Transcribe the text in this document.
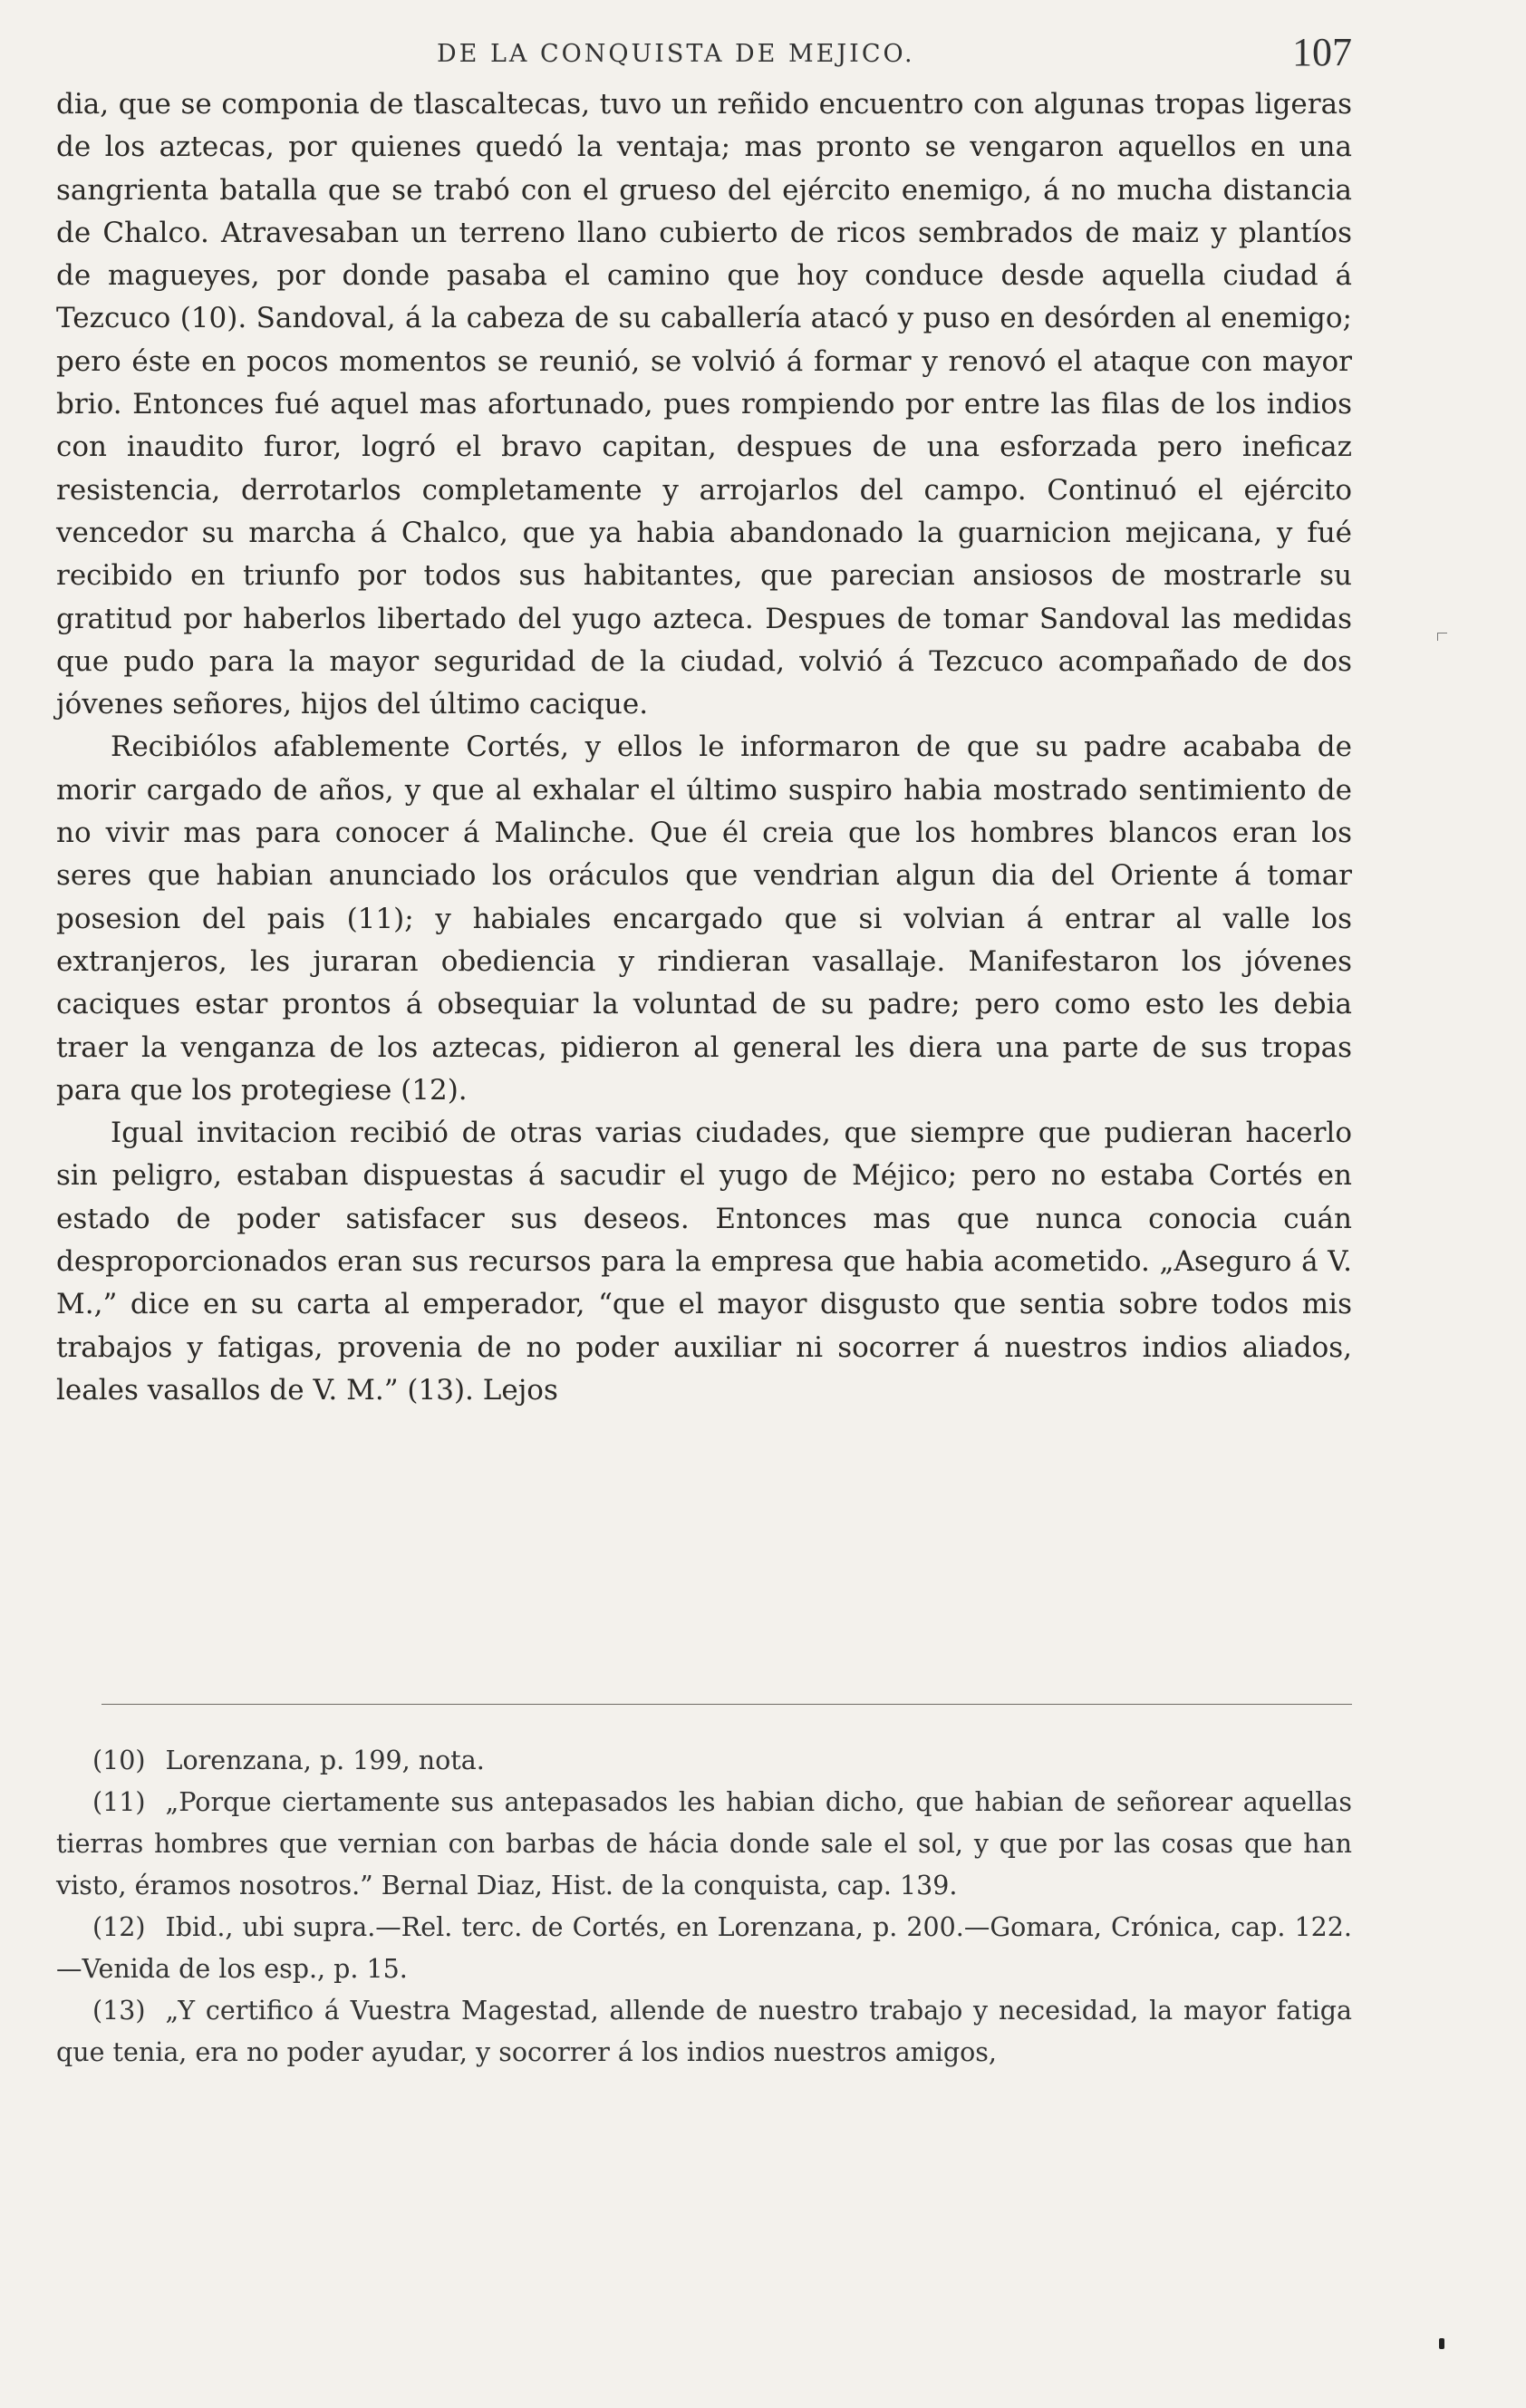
DE LA CONQUISTA DE MEJICO.	107

dia, que se componia de tlascaltecas, tuvo un reñido encuentro con algunas tropas ligeras de los aztecas, por quienes quedó la ventaja; mas pronto se vengaron aquellos en una sangrienta batalla que se trabó con el grueso del ejército enemigo, á no mucha distancia de Chalco. Atravesaban un terreno llano cubierto de ricos sembrados de maiz y plantíos de magueyes, por donde pasaba el camino que hoy conduce desde aquella ciudad á Tezcuco (10). Sandoval, á la cabeza de su caballería atacó y puso en desórden al enemigo; pero éste en pocos momentos se reunió, se volvió á formar y renovó el ataque con mayor brio. Entonces fué aquel mas afortunado, pues rompiendo por entre las filas de los indios con inaudito furor, logró el bravo capitan, despues de una esforzada pero ineficaz resistencia, derrotarlos completamente y arrojarlos del campo. Continuó el ejército vencedor su marcha á Chalco, que ya habia abandonado la guarnicion mejicana, y fué recibido en triunfo por todos sus habitantes, que parecian ansiosos de mostrarle su gratitud por haberlos libertado del yugo azteca. Despues de tomar Sandoval las medidas que pudo para la mayor seguridad de la ciudad, volvió á Tezcuco acompañado de dos jóvenes señores, hijos del último cacique.

Recibiólos afablemente Cortés, y ellos le informaron de que su padre acababa de morir cargado de años, y que al exhalar el último suspiro habia mostrado sentimiento de no vivir mas para conocer á Malinche. Que él creia que los hombres blancos eran los seres que habian anunciado los oráculos que vendrian algun dia del Oriente á tomar posesion del pais (11); y habiales encargado que si volvian á entrar al valle los extranjeros, les juraran obediencia y rindieran vasallaje. Manifestaron los jóvenes caciques estar prontos á obsequiar la voluntad de su padre; pero como esto les debia traer la venganza de los aztecas, pidieron al general les diera una parte de sus tropas para que los protegiese (12).

Igual invitacion recibió de otras varias ciudades, que siempre que pudieran hacerlo sin peligro, estaban dispuestas á sacudir el yugo de Méjico; pero no estaba Cortés en estado de poder satisfacer sus deseos. Entonces mas que nunca conocia cuán desproporcionados eran sus recursos para la empresa que habia acometido. „Aseguro á V. M.,” dice en su carta al emperador, “que el mayor disgusto que sentia sobre todos mis trabajos y fatigas, provenia de no poder auxiliar ni socorrer á nuestros indios aliados, leales vasallos de V. M.” (13). Lejos

(10) Lorenzana, p. 199, nota.

(11) „Porque ciertamente sus antepasados les habian dicho, que habian de señorear aquellas tierras hombres que vernian con barbas de hácia donde sale el sol, y que por las cosas que han visto, éramos nosotros.” Bernal Diaz, Hist. de la conquista, cap. 139.

(12) Ibid., ubi supra.—Rel. terc. de Cortés, en Lorenzana, p. 200.—Gomara, Crónica, cap. 122.—Venida de los esp., p. 15.

(13) „Y certifico á Vuestra Magestad, allende de nuestro trabajo y necesidad, la mayor fatiga que tenia, era no poder ayudar, y socorrer á los indios nuestros amigos,
